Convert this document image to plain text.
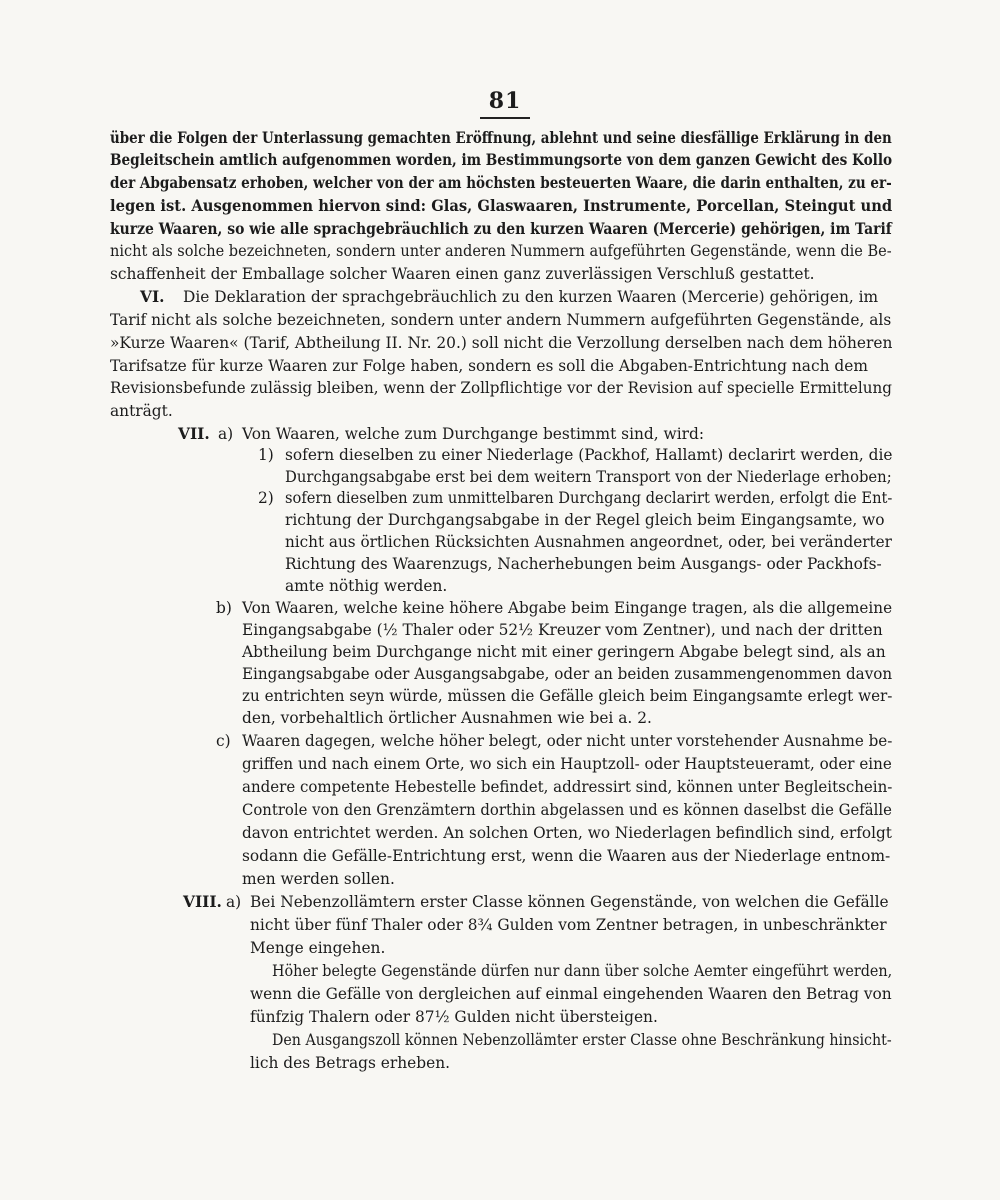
81
über die Folgen der Unterlassung gemachten Eröffnung, ablehnt und seine diesfällige Erklärung in den
Begleitschein amtlich aufgenommen worden, im Bestimmungsorte von dem ganzen Gewicht des Kollo
der Abgabensatz erhoben, welcher von der am höchsten besteuerten Waare, die darin enthalten, zu er-
legen ist. Ausgenommen hiervon sind: Glas, Glaswaaren, Instrumente, Porcellan, Steingut und
kurze Waaren, so wie alle sprachgebräuchlich zu den kurzen Waaren (Mercerie) gehörigen, im Tarif
nicht als solche bezeichneten, sondern unter anderen Nummern aufgeführten Gegenstände, wenn die Be-
schaffenheit der Emballage solcher Waaren einen ganz zuverlässigen Verschluß gestattet.
VI. Die Deklaration der sprachgebräuchlich zu den kurzen Waaren (Mercerie) gehörigen, im
Tarif nicht als solche bezeichneten, sondern unter andern Nummern aufgeführten Gegenstände, als
»Kurze Waaren« (Tarif, Abtheilung II. Nr. 20.) soll nicht die Verzollung derselben nach dem höheren
Tarifsatze für kurze Waaren zur Folge haben, sondern es soll die Abgaben-Entrichtung nach dem
Revisionsbefunde zulässig bleiben, wenn der Zollpflichtige vor der Revision auf specielle Ermittelung
anträgt.
VII. a) Von Waaren, welche zum Durchgange bestimmt sind, wird:
1) sofern dieselben zu einer Niederlage (Packhof, Hallamt) declarirt werden, die
Durchgangsabgabe erst bei dem weitern Transport von der Niederlage erhoben;
2) sofern dieselben zum unmittelbaren Durchgang declarirt werden, erfolgt die Ent-
richtung der Durchgangsabgabe in der Regel gleich beim Eingangsamte, wo
nicht aus örtlichen Rücksichten Ausnahmen angeordnet, oder, bei veränderter
Richtung des Waarenzugs, Nacherhebungen beim Ausgangs- oder Packhofs-
amte nöthig werden.
b) Von Waaren, welche keine höhere Abgabe beim Eingange tragen, als die allgemeine
Eingangsabgabe (½ Thaler oder 52½ Kreuzer vom Zentner), und nach der dritten
Abtheilung beim Durchgange nicht mit einer geringern Abgabe belegt sind, als an
Eingangsabgabe oder Ausgangsabgabe, oder an beiden zusammengenommen davon
zu entrichten seyn würde, müssen die Gefälle gleich beim Eingangsamte erlegt wer-
den, vorbehaltlich örtlicher Ausnahmen wie bei a. 2.
c) Waaren dagegen, welche höher belegt, oder nicht unter vorstehender Ausnahme be-
griffen und nach einem Orte, wo sich ein Hauptzoll- oder Hauptsteueramt, oder eine
andere competente Hebestelle befindet, addressirt sind, können unter Begleitschein-
Controle von den Grenzämtern dorthin abgelassen und es können daselbst die Gefälle
davon entrichtet werden. An solchen Orten, wo Niederlagen befindlich sind, erfolgt
sodann die Gefälle-Entrichtung erst, wenn die Waaren aus der Niederlage entnom-
men werden sollen.
VIII. a) Bei Nebenzollämtern erster Classe können Gegenstände, von welchen die Gefälle
nicht über fünf Thaler oder 8¾ Gulden vom Zentner betragen, in unbeschränkter
Menge eingehen.
Höher belegte Gegenstände dürfen nur dann über solche Aemter eingeführt werden,
wenn die Gefälle von dergleichen auf einmal eingehenden Waaren den Betrag von
fünfzig Thalern oder 87½ Gulden nicht übersteigen.
Den Ausgangszoll können Nebenzollämter erster Classe ohne Beschränkung hinsicht-
lich des Betrags erheben.
